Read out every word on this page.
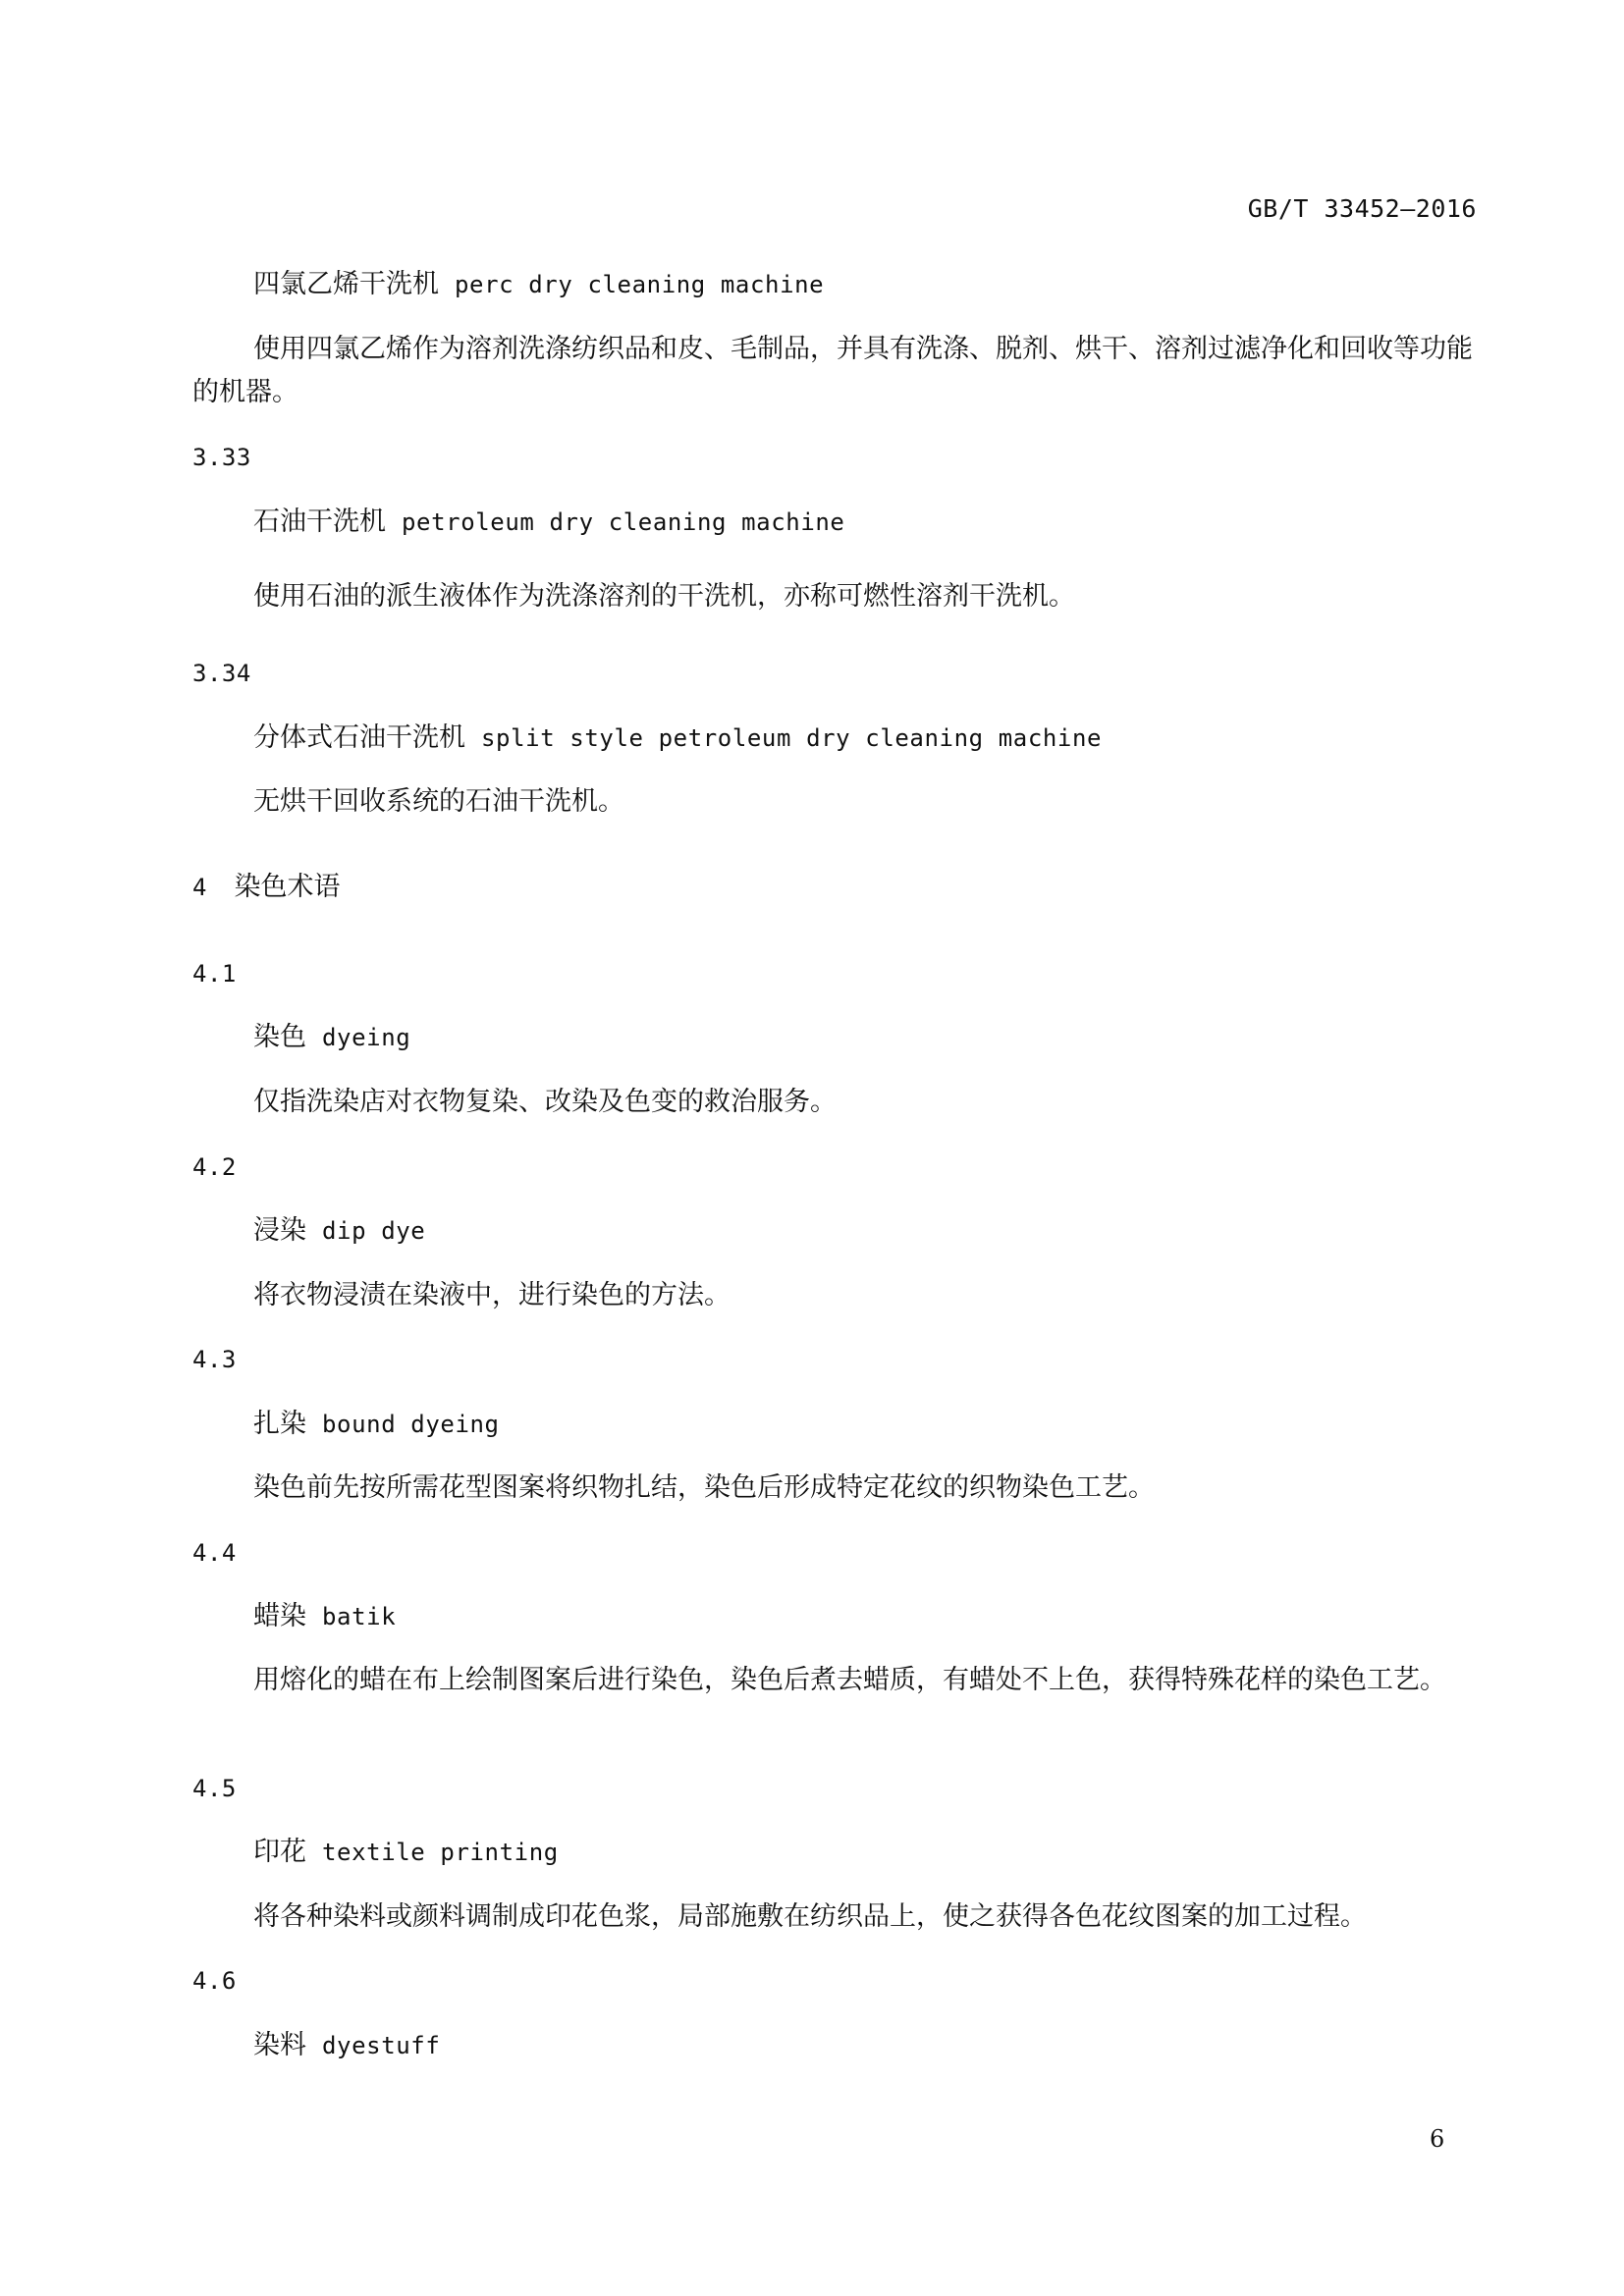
GB/T 33452—2016
四氯乙烯干洗机 perc dry cleaning machine
使用四氯乙烯作为溶剂洗涤纺织品和皮、毛制品，并具有洗涤、脱剂、烘干、溶剂过滤净化和回收等功能的机器。
3.33
石油干洗机 petroleum dry cleaning machine
使用石油的派生液体作为洗涤溶剂的干洗机，亦称可燃性溶剂干洗机。
3.34
分体式石油干洗机 split style petroleum dry cleaning machine
无烘干回收系统的石油干洗机。
4 染色术语
4.1
染色 dyeing
仅指洗染店对衣物复染、改染及色变的救治服务。
4.2
浸染 dip dye
将衣物浸渍在染液中，进行染色的方法。
4.3
扎染 bound dyeing
染色前先按所需花型图案将织物扎结，染色后形成特定花纹的织物染色工艺。
4.4
蜡染 batik
用熔化的蜡在布上绘制图案后进行染色，染色后煮去蜡质，有蜡处不上色，获得特殊花样的染色工艺。
4.5
印花 textile printing
将各种染料或颜料调制成印花色浆，局部施敷在纺织品上，使之获得各色花纹图案的加工过程。
4.6
染料 dyestuff
6
